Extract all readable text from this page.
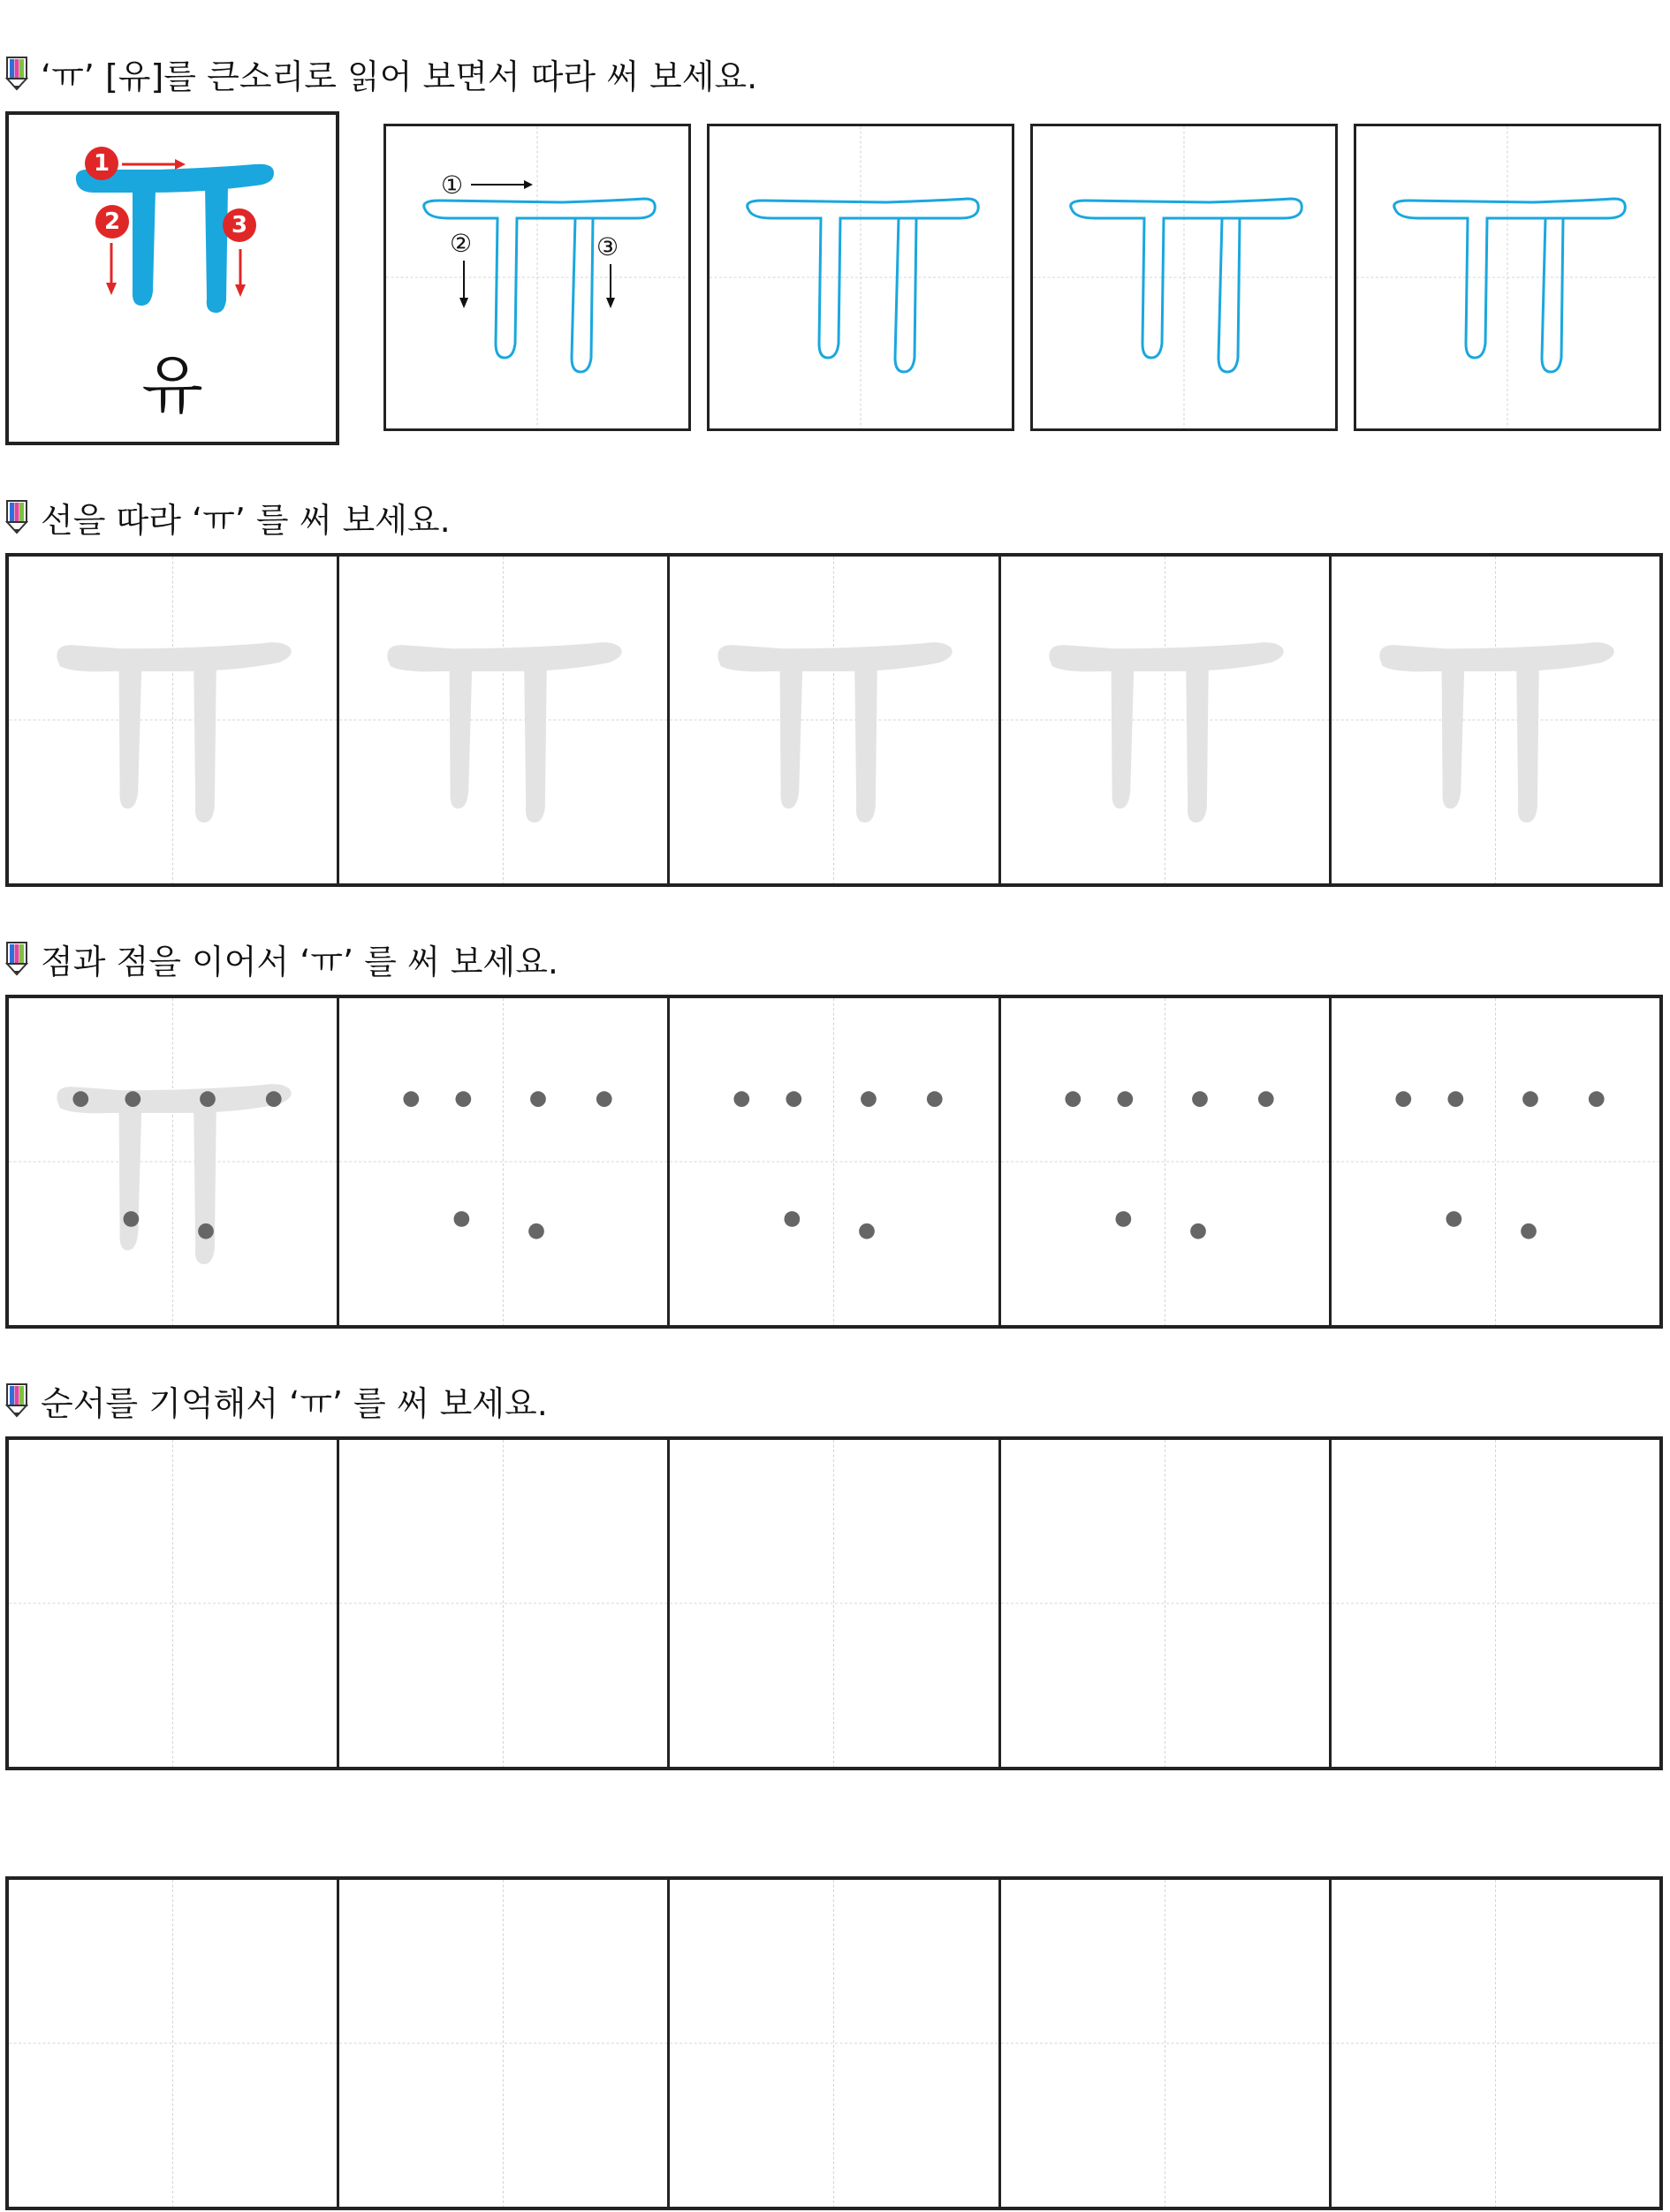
‘ㅠ’ [유]를 큰소리로 읽어 보면서 따라 써 보세요.
1
2	3
유
①
②	③
선을 따라 ‘ㅠ’ 를 써 보세요.
점과 점을 이어서 ‘ㅠ’ 를 써 보세요.
순서를 기억해서 ‘ㅠ’ 를 써 보세요.
